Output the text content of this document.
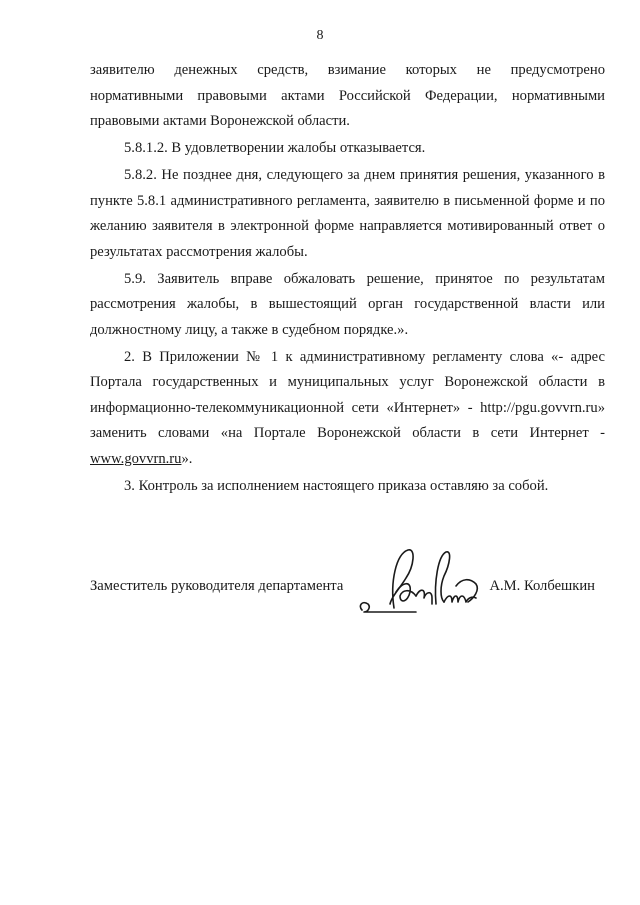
8

заявителю денежных средств, взимание которых не предусмотрено нормативными правовыми актами Российской Федерации, нормативными правовыми актами Воронежской области.

5.8.1.2. В удовлетворении жалобы отказывается.

5.8.2. Не позднее дня, следующего за днем принятия решения, указанного в пункте 5.8.1 административного регламента, заявителю в письменной форме и по желанию заявителя в электронной форме направляется мотивированный ответ о результатах рассмотрения жалобы.

5.9. Заявитель вправе обжаловать решение, принятое по результатам рассмотрения жалобы, в вышестоящий орган государственной власти или должностному лицу, а также в судебном порядке.».

2. В Приложении № 1 к административному регламенту слова «- адрес Портала государственных и муниципальных услуг Воронежской области в информационно-телекоммуникационной сети «Интернет» - http://pgu.govvrn.ru» заменить словами «на Портале Воронежской области в сети Интернет - www.govvrn.ru».

3. Контроль за исполнением настоящего приказа оставляю за собой.

Заместитель руководителя департамента	А.М. Колбешкин
